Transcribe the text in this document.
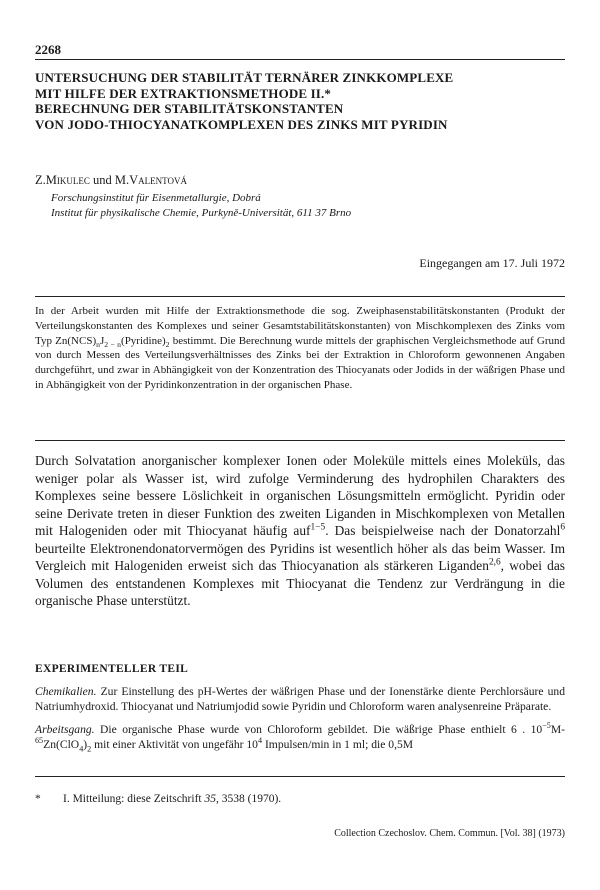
2268
UNTERSUCHUNG DER STABILITÄT TERNÄRER ZINKKOMPLEXE
MIT HILFE DER EXTRAKTIONSMETHODE II.*
BERECHNUNG DER STABILITÄTSKONSTANTEN
VON JODO-THIOCYANATKOMPLEXEN DES ZINKS MIT PYRIDIN
Z.Mikulec und M.Valentová
Forschungsinstitut für Eisenmetallurgie, Dobrá
Institut für physikalische Chemie, Purkyně-Universität, 611 37 Brno
Eingegangen am 17. Juli 1972
In der Arbeit wurden mit Hilfe der Extraktionsmethode die sog. Zweiphasenstabilitätskonstanten (Produkt der Verteilungskonstanten des Komplexes und seiner Gesamtstabilitätskonstanten) von Mischkomplexen des Zinks vom Typ $Zn(NCS)_nJ_{2 - n}(Pyridine)_2$ bestimmt. Die Berechnung wurde mittels der graphischen Vergleichsmethode auf Grund von durch Messen des Verteilungsverhältnisses des Zinks bei der Extraktion in Chloroform gewonnenen Angaben durchgeführt, und zwar in Abhängigkeit von der Konzentration des Thiocyanats oder Jodids in der wäßrigen Phase und in Abhängigkeit von der Pyridinkonzentration in der organischen Phase.
Durch Solvatation anorganischer komplexer Ionen oder Moleküle mittels eines Moleküls, das weniger polar als Wasser ist, wird zufolge Verminderung des hydrophilen Charakters des Komplexes seine bessere Löslichkeit in organischen Lösungsmitteln ermöglicht. Pyridin oder seine Derivate treten in dieser Funktion des zweiten Liganden in Mischkomplexen von Metallen mit Halogeniden oder mit Thiocyanat häufig auf$^{1-5}$. Das beispielweise nach der Donatorzahl$^6$ beurteilte Elektronendonatorvermögen des Pyridins ist wesentlich höher als das beim Wasser. Im Vergleich mit Halogeniden erweist sich das Thiocyanation als stärkeren Liganden$^{2,6}$, wobei das Volumen des entstandenen Komplexes mit Thiocyanat die Tendenz zur Verdrängung in die organische Phase unterstützt.
EXPERIMENTELLER TEIL
Chemikalien. Zur Einstellung des pH-Wertes der wäßrigen Phase und der Ionenstärke diente Perchlorsäure und Natriumhydroxid. Thiocyanat und Natriumjodid sowie Pyridin und Chloroform waren analysenreine Präparate.
Arbeitsgang. Die organische Phase wurde von Chloroform gebildet. Die wäßrige Phase enthielt 6 . $10^{-5}M-^{65}Zn(ClO_4)_2$ mit einer Aktivität von ungefähr $10^4$ Impulsen/min in 1 ml; die 0,5M
* I. Mitteilung: diese Zeitschrift 35, 3538 (1970).
Collection Czechoslov. Chem. Commun. [Vol. 38] (1973)
